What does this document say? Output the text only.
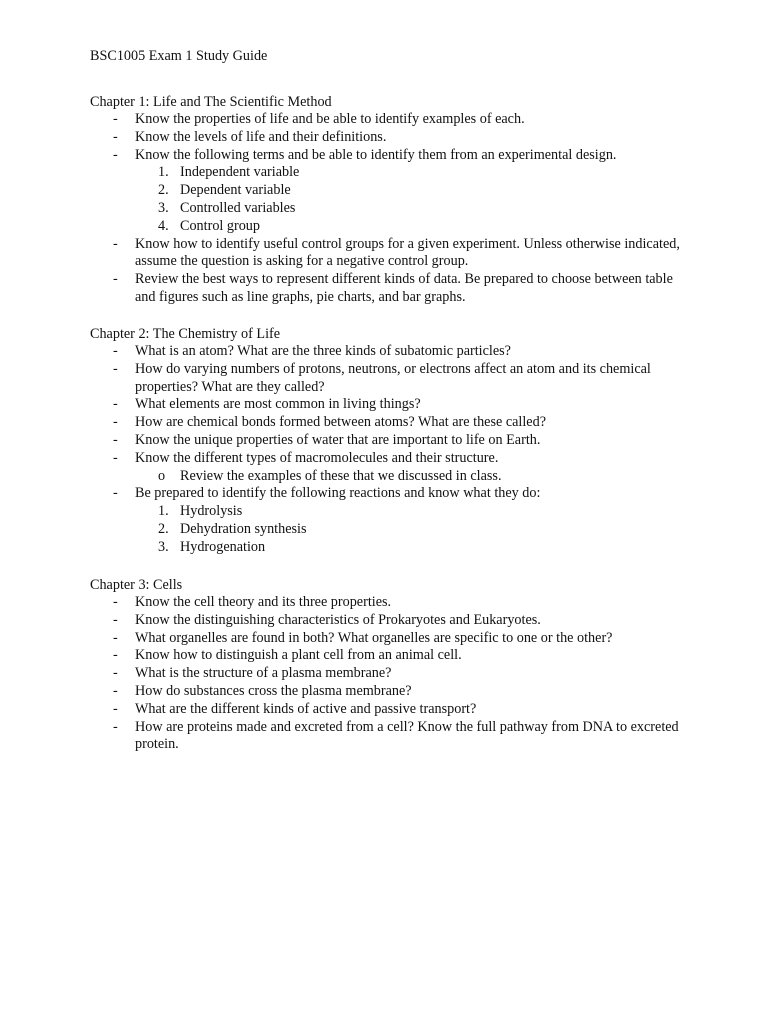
BSC1005 Exam 1 Study Guide
Chapter 1: Life and The Scientific Method
- Know the properties of life and be able to identify examples of each.
- Know the levels of life and their definitions.
- Know the following terms and be able to identify them from an experimental design.
1. Independent variable
2. Dependent variable
3. Controlled variables
4. Control group
- Know how to identify useful control groups for a given experiment. Unless otherwise indicated, assume the question is asking for a negative control group.
- Review the best ways to represent different kinds of data. Be prepared to choose between table and figures such as line graphs, pie charts, and bar graphs.
Chapter 2: The Chemistry of Life
- What is an atom? What are the three kinds of subatomic particles?
- How do varying numbers of protons, neutrons, or electrons affect an atom and its chemical properties? What are they called?
- What elements are most common in living things?
- How are chemical bonds formed between atoms? What are these called?
- Know the unique properties of water that are important to life on Earth.
- Know the different types of macromolecules and their structure.
o Review the examples of these that we discussed in class.
- Be prepared to identify the following reactions and know what they do:
1. Hydrolysis
2. Dehydration synthesis
3. Hydrogenation
Chapter 3: Cells
- Know the cell theory and its three properties.
- Know the distinguishing characteristics of Prokaryotes and Eukaryotes.
- What organelles are found in both? What organelles are specific to one or the other?
- Know how to distinguish a plant cell from an animal cell.
- What is the structure of a plasma membrane?
- How do substances cross the plasma membrane?
- What are the different kinds of active and passive transport?
- How are proteins made and excreted from a cell? Know the full pathway from DNA to excreted protein.
